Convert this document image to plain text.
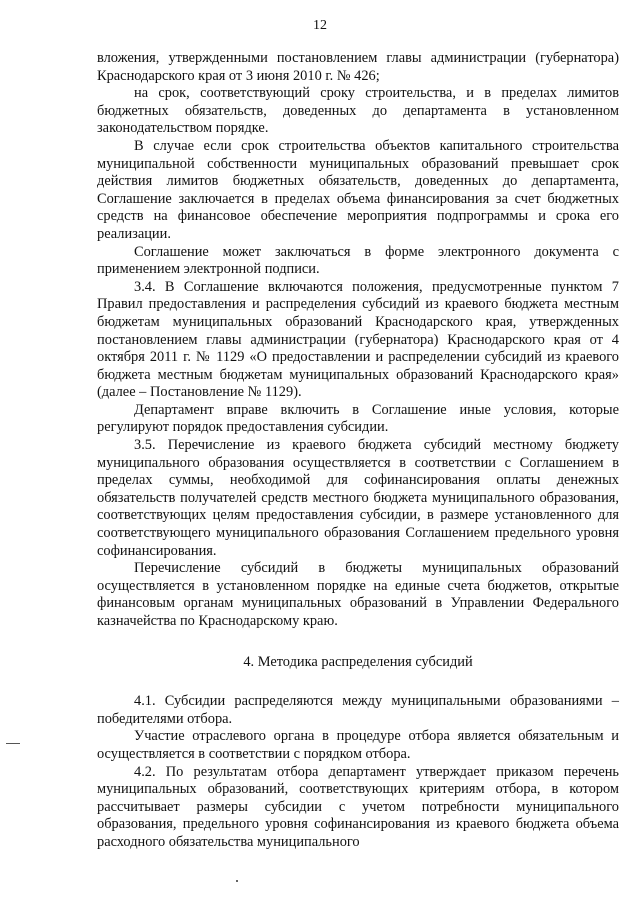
12

вложения, утвержденными постановлением главы администрации (губернатора) Краснодарского края от 3 июня 2010 г. № 426;

на срок, соответствующий сроку строительства, и в пределах лимитов бюджетных обязательств, доведенных до департамента в установленном законодательством порядке.

В случае если срок строительства объектов капитального строительства муниципальной собственности муниципальных образований превышает срок действия лимитов бюджетных обязательств, доведенных до департамента, Соглашение заключается в пределах объема финансирования за счет бюджетных средств на финансовое обеспечение мероприятия подпрограммы и срока его реализации.

Соглашение может заключаться в форме электронного документа с применением электронной подписи.

3.4. В Соглашение включаются положения, предусмотренные пунктом 7 Правил предоставления и распределения субсидий из краевого бюджета местным бюджетам муниципальных образований Краснодарского края, утвержденных постановлением главы администрации (губернатора) Краснодарского края от 4 октября 2011 г. № 1129 «О предоставлении и распределении субсидий из краевого бюджета местным бюджетам муниципальных образований Краснодарского края» (далее – Постановление № 1129).

Департамент вправе включить в Соглашение иные условия, которые регулируют порядок предоставления субсидии.

3.5. Перечисление из краевого бюджета субсидий местному бюджету муниципального образования осуществляется в соответствии с Соглашением в пределах суммы, необходимой для софинансирования оплаты денежных обязательств получателей средств местного бюджета муниципального образования, соответствующих целям предоставления субсидии, в размере установленного для соответствующего муниципального образования Соглашением предельного уровня софинансирования.

Перечисление субсидий в бюджеты муниципальных образований осуществляется в установленном порядке на единые счета бюджетов, открытые финансовым органам муниципальных образований в Управлении Федерального казначейства по Краснодарскому краю.

4. Методика распределения субсидий

4.1. Субсидии распределяются между муниципальными образованиями – победителями отбора.

Участие отраслевого органа в процедуре отбора является обязательным и осуществляется в соответствии с порядком отбора.

4.2. По результатам отбора департамент утверждает приказом перечень муниципальных образований, соответствующих критериям отбора, в котором рассчитывает размеры субсидии с учетом потребности муниципального образования, предельного уровня софинансирования из краевого бюджета объема расходного обязательства муниципального
